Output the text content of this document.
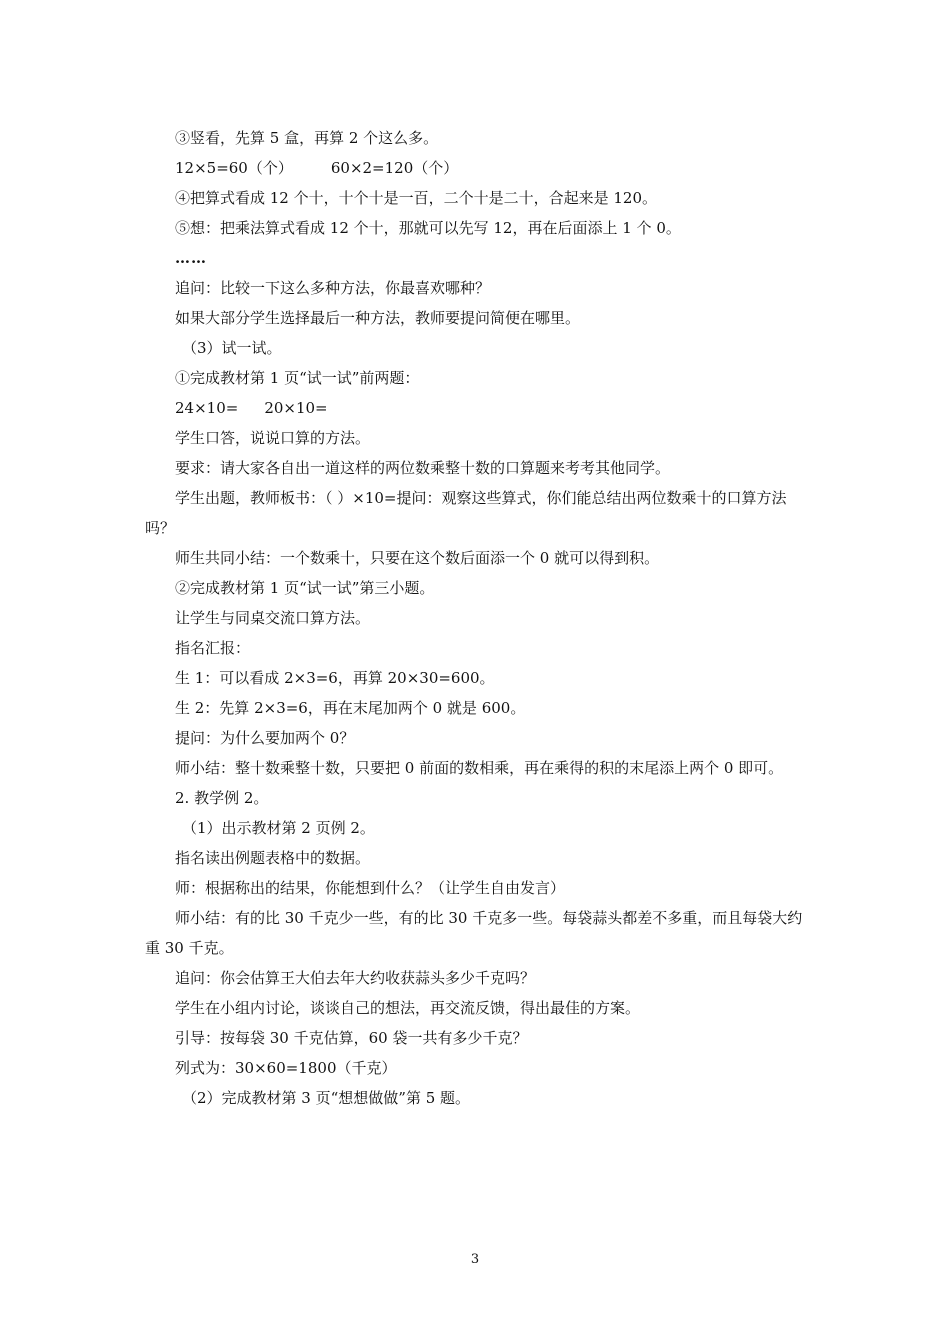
③竖看，先算 5 盒，再算 2 个这么多。

12×5=60（个）	60×2=120（个）

④把算式看成 12 个十，十个十是一百，二个十是二十，合起来是 120。

⑤想：把乘法算式看成 12 个十，那就可以先写 12，再在后面添上 1 个 0。

……

追问：比较一下这么多种方法，你最喜欢哪种？

如果大部分学生选择最后一种方法，教师要提问简便在哪里。

（3）试一试。

①完成教材第 1 页“试一试”前两题：

24×10= 20×10=

学生口答，说说口算的方法。

要求：请大家各自出一道这样的两位数乘整十数的口算题来考考其他同学。

学生出题，教师板书：（ ）×10=提问：观察这些算式，你们能总结出两位数乘十的口算方法吗？

师生共同小结：一个数乘十，只要在这个数后面添一个 0 就可以得到积。

②完成教材第 1 页“试一试”第三小题。

让学生与同桌交流口算方法。

指名汇报：

生 1：可以看成 2×3=6，再算 20×30=600。

生 2：先算 2×3=6，再在末尾加两个 0 就是 600。

提问：为什么要加两个 0？

师小结：整十数乘整十数，只要把 0 前面的数相乘，再在乘得的积的末尾添上两个 0 即可。

2. 教学例 2。

（1）出示教材第 2 页例 2。

指名读出例题表格中的数据。

师：根据称出的结果，你能想到什么？（让学生自由发言）

师小结：有的比 30 千克少一些，有的比 30 千克多一些。每袋蒜头都差不多重，而且每袋大约重 30 千克。

追问：你会估算王大伯去年大约收获蒜头多少千克吗？

学生在小组内讨论，谈谈自己的想法，再交流反馈，得出最佳的方案。

引导：按每袋 30 千克估算，60 袋一共有多少千克？

列式为：30×60=1800（千克）

（2）完成教材第 3 页“想想做做”第 5 题。

3
